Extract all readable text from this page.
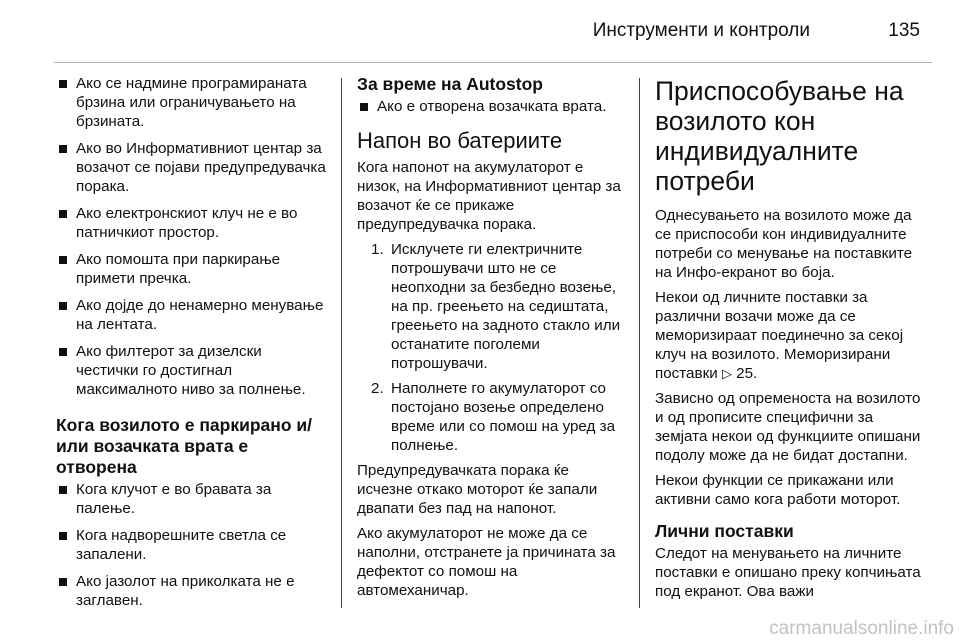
Инструменти и контроли	135
Ако се надмине програмираната брзина или ограничувањето на брзината.
Ако во Информативниот центар за возачот се појави предупредувачка порака.
Ако електронскиот клуч не е во патничкиот простор.
Ако помошта при паркирање примети пречка.
Ако дојде до ненамерно менување на лентата.
Ако филтерот за дизелски честички го достигнал максималното ниво за полнење.
Кога возилото е паркирано и/или возачката врата е отворена
Кога клучот е во бравата за палење.
Кога надворешните светла се запалени.
Ако јазолот на приколката не е заглавен.
За време на Autostop
Ако е отворена возачката врата.
Напон во батериите

Кога напонот на акумулаторот е низок, на Информативниот центар за возачот ќе се прикаже предупредувачка порака.

1. Исклучете ги електричните потрошувачи што не се неопходни за безбедно возење, на пр. греењето на седиштата, греењето на задното стакло или останатите поголеми потрошувачи.
2. Наполнете го акумулаторот со постојано возење определено време или со помош на уред за полнење.

Предупредувачката порака ќе исчезне откако моторот ќе запали двапати без пад на напонот.

Ако акумулаторот не може да се наполни, отстранете ја причината за дефектот со помош на автомеханичар.

Приспособување на возилото кон индивидуалните потреби

Однесувањето на возилото може да се приспособи кон индивидуалните потреби со менување на поставките на Инфо-екранот во боја.

Некои од личните поставки за различни возачи може да се меморизираат поединечно за секој клуч на возилото. Меморизирани поставки ▷ 25.

Зависно од опременоста на возилото и од прописите специфични за земјата некои од функциите опишани подолу може да не бидат достапни.

Некои функции се прикажани или активни само кога работи моторот.

Лични поставки

Следот на менувањето на личните поставки е опишано преку копчињата под екранот. Ова важи

carmanualsonline.info
